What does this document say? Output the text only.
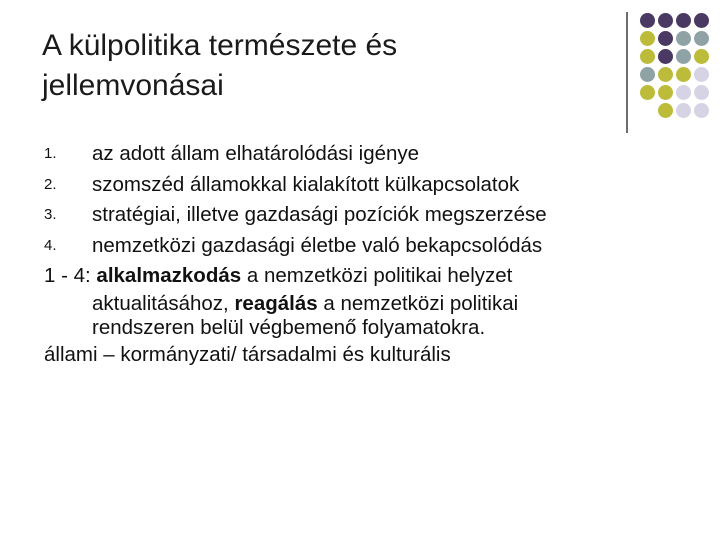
A külpolitika természete és
jellemvonásai
1.	az adott állam elhatárolódási igénye
2.	szomszéd államokkal kialakított külkapcsolatok
3.	stratégiai, illetve gazdasági pozíciók megszerzése
4.	nemzetközi gazdasági életbe való bekapcsolódás
1 - 4: alkalmazkodás a nemzetközi politikai helyzet
aktualitásához, reagálás a nemzetközi politikai
rendszeren belül végbemenő folyamatokra.
állami – kormányzati/ társadalmi és kulturális
